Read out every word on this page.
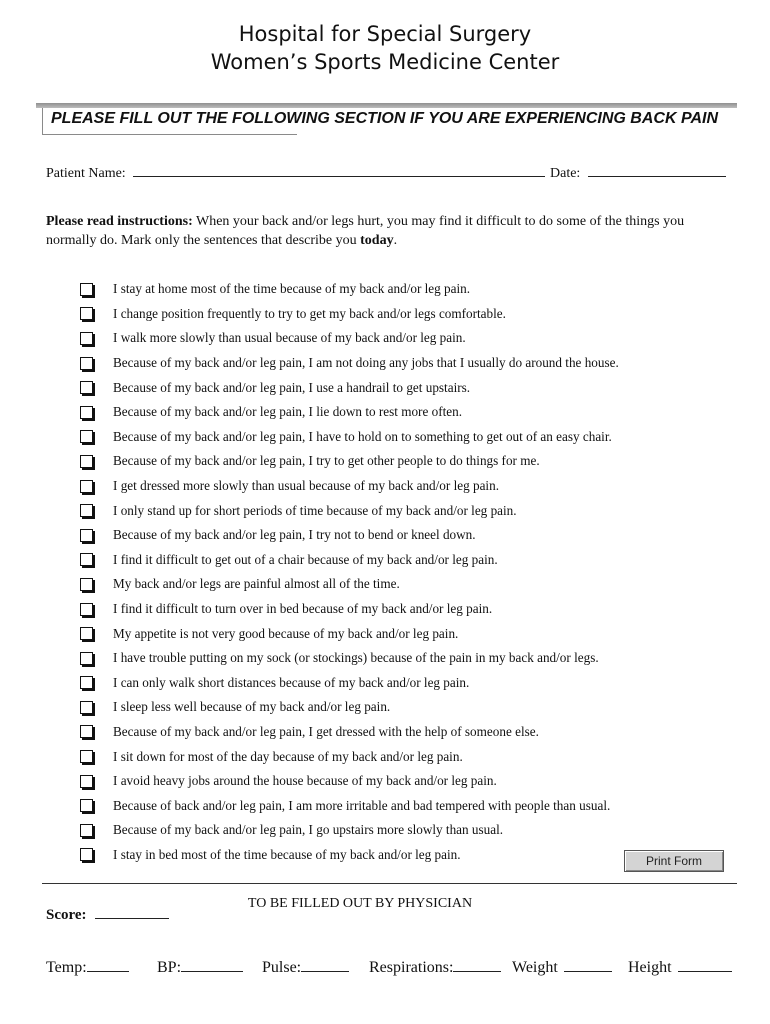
Hospital for Special Surgery
Women’s Sports Medicine Center
PLEASE FILL OUT THE FOLLOWING SECTION IF YOU ARE EXPERIENCING BACK PAIN
Patient Name:	Date:
Please read instructions: When your back and/or legs hurt, you may find it difficult to do some of the things you normally do. Mark only the sentences that describe you today.
I stay at home most of the time because of my back and/or leg pain.
I change position frequently to try to get my back and/or legs comfortable.
I walk more slowly than usual because of my back and/or leg pain.
Because of my back and/or leg pain, I am not doing any jobs that I usually do around the house.
Because of my back and/or leg pain, I use a handrail to get upstairs.
Because of my back and/or leg pain, I lie down to rest more often.
Because of my back and/or leg pain, I have to hold on to something to get out of an easy chair.
Because of my back and/or leg pain, I try to get other people to do things for me.
I get dressed more slowly than usual because of my back and/or leg pain.
I only stand up for short periods of time because of my back and/or leg pain.
Because of my back and/or leg pain, I try not to bend or kneel down.
I find it difficult to get out of a chair because of my back and/or leg pain.
My back and/or legs are painful almost all of the time.
I find it difficult to turn over in bed because of my back and/or leg pain.
My appetite is not very good because of my back and/or leg pain.
I have trouble putting on my sock (or stockings) because of the pain in my back and/or legs.
I can only walk short distances because of my back and/or leg pain.
I sleep less well because of my back and/or leg pain.
Because of my back and/or leg pain, I get dressed with the help of someone else.
I sit down for most of the day because of my back and/or leg pain.
I avoid heavy jobs around the house because of my back and/or leg pain.
Because of back and/or leg pain, I am more irritable and bad tempered with people than usual.
Because of my back and/or leg pain, I go upstairs more slowly than usual.
I stay in bed most of the time because of my back and/or leg pain.	Print Form
TO BE FILLED OUT BY PHYSICIAN
Score:
Temp:	BP:	Pulse:	Respirations:	Weight	Height
